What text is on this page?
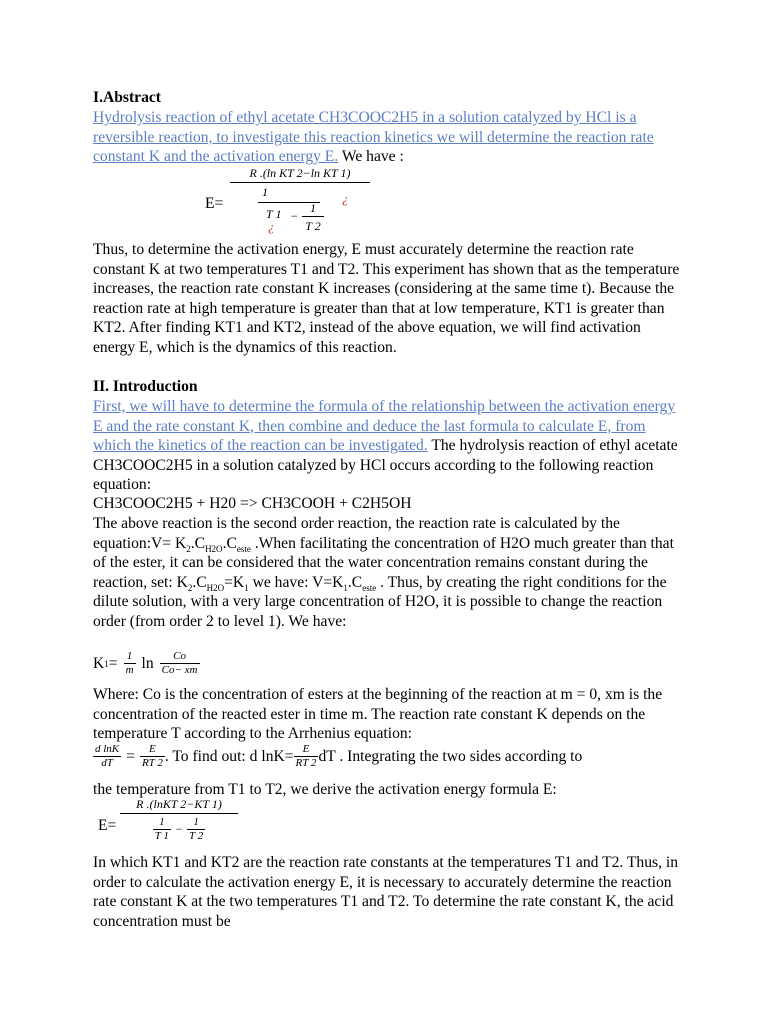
I.Abstract
Hydrolysis reaction of ethyl acetate CH3COOC2H5 in a solution catalyzed by HCl is a reversible reaction, to investigate this reaction kinetics we will determine the reaction rate constant K and the activation energy E. We have :
E=
R .(ln KT 2−ln KT 1)
1
T 1 −
1
T 2
¿
¿
Thus, to determine the activation energy, E must accurately determine the reaction rate constant K at two temperatures T1 and T2. This experiment has shown that as the temperature increases, the reaction rate constant K increases (considering at the same time t). Because the reaction rate at high temperature is greater than that at low temperature, KT1 is greater than KT2. After finding KT1 and KT2, instead of the above equation, we will find activation energy E, which is the dynamics of this reaction.
II. Introduction
First, we will have to determine the formula of the relationship between the activation energy E and the rate constant K, then combine and deduce the last formula to calculate E, from which the kinetics of the reaction can be investigated. The hydrolysis reaction of ethyl acetate CH3COOC2H5 in a solution catalyzed by HCl occurs according to the following reaction equation:
CH3COOC2H5 + H20 => CH3COOH + C2H5OH
The above reaction is the second order reaction, the reaction rate is calculated by the equation:V= $K_2.C_{H2O}.C_{este}$ .When facilitating the concentration of H2O much greater than that of the ester, it can be considered that the water concentration remains constant during the reaction, set: $K_2.C_{H2O}=K_1$ we have: $V=K_1.C_{este}$ . Thus, by creating the right conditions for the dilute solution, with a very large concentration of H2O, it is possible to change the reaction order (from order 2 to level 1). We have:
K $1 = \frac{1}{m}$ $\ln \frac{Co}{Co- xm}$
Where: Co is the concentration of esters at the beginning of the reaction at m = 0, xm is the concentration of the reacted ester in time m. The reaction rate constant K depends on the temperature T according to the Arrhenius equation:
$\frac{\text{d lnK}}{dT} = \frac{E}{RT 2}$ . To find out: d $\ln K= \frac{E}{RT 2}$ dT . Integrating the two sides according to
the temperature from T1 to T2, we derive the activation energy formula E:
E=
R .(lnKT 2−KT 1)
$\frac{1}{T 1} - \frac{1}{T 2}$
In which KT1 and KT2 are the reaction rate constants at the temperatures T1 and T2. Thus, in order to calculate the activation energy E, it is necessary to accurately determine the reaction rate constant K at the two temperatures T1 and T2. To determine the rate constant K, the acid concentration must be
